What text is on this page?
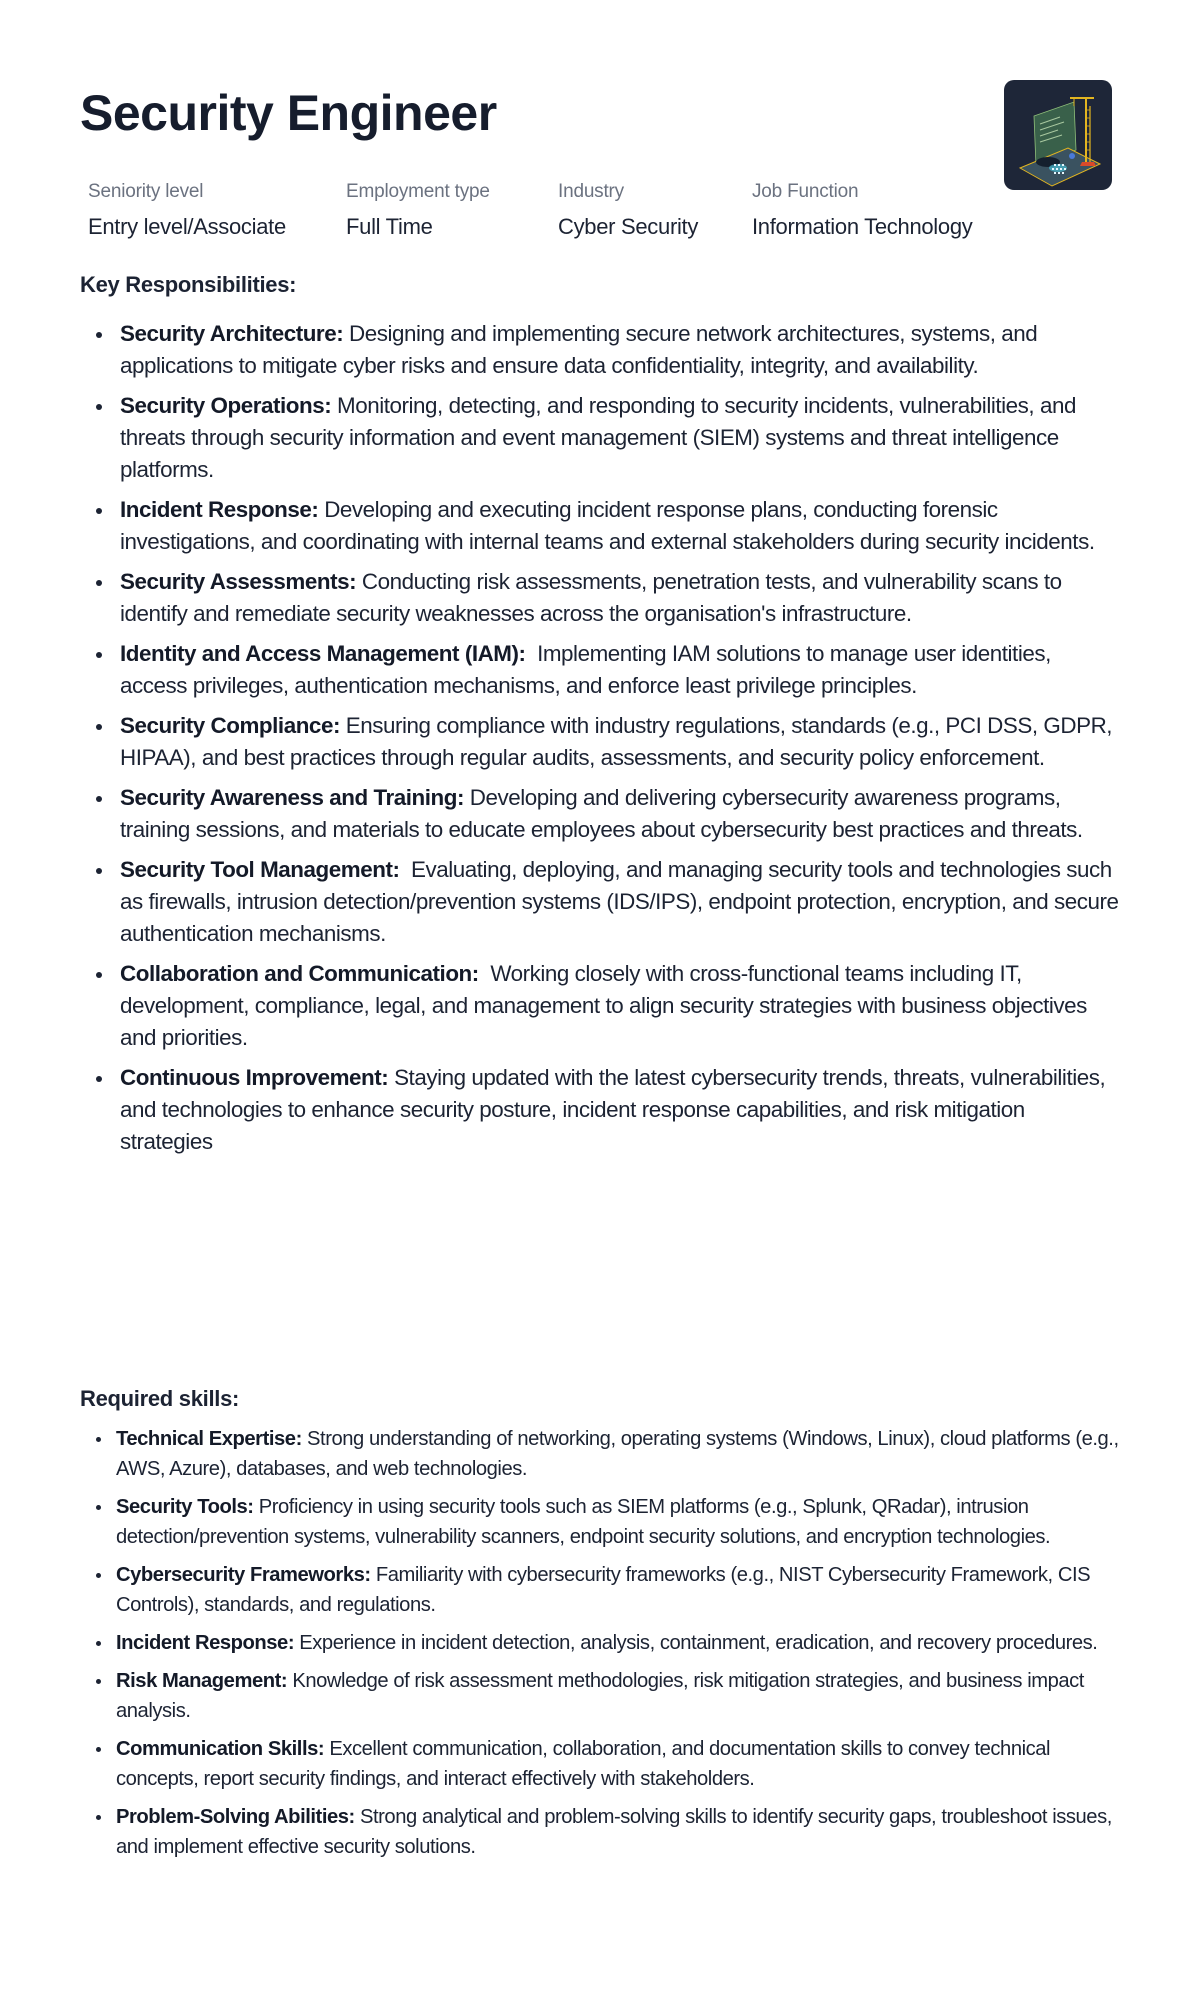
Security Engineer
Seniority level
Entry level/Associate
Employment type
Full Time
Industry
Cyber Security
Job Function
Information Technology
Key Responsibilities:
Security Architecture: Designing and implementing secure network architectures, systems, and applications to mitigate cyber risks and ensure data confidentiality, integrity, and availability.
Security Operations: Monitoring, detecting, and responding to security incidents, vulnerabilities, and threats through security information and event management (SIEM) systems and threat intelligence platforms.
Incident Response: Developing and executing incident response plans, conducting forensic investigations, and coordinating with internal teams and external stakeholders during security incidents.
Security Assessments: Conducting risk assessments, penetration tests, and vulnerability scans to identify and remediate security weaknesses across the organisation's infrastructure.
Identity and Access Management (IAM):  Implementing IAM solutions to manage user identities, access privileges, authentication mechanisms, and enforce least privilege principles.
Security Compliance: Ensuring compliance with industry regulations, standards (e.g., PCI DSS, GDPR, HIPAA), and best practices through regular audits, assessments, and security policy enforcement.
Security Awareness and Training: Developing and delivering cybersecurity awareness programs, training sessions, and materials to educate employees about cybersecurity best practices and threats.
Security Tool Management:  Evaluating, deploying, and managing security tools and technologies such as firewalls, intrusion detection/prevention systems (IDS/IPS), endpoint protection, encryption, and secure authentication mechanisms.
Collaboration and Communication:  Working closely with cross-functional teams including IT, development, compliance, legal, and management to align security strategies with business objectives and priorities.
Continuous Improvement: Staying updated with the latest cybersecurity trends, threats, vulnerabilities, and technologies to enhance security posture, incident response capabilities, and risk mitigation strategies
Required skills:
Technical Expertise: Strong understanding of networking, operating systems (Windows, Linux), cloud platforms (e.g., AWS, Azure), databases, and web technologies.
Security Tools: Proficiency in using security tools such as SIEM platforms (e.g., Splunk, QRadar), intrusion detection/prevention systems, vulnerability scanners, endpoint security solutions, and encryption technologies.
Cybersecurity Frameworks: Familiarity with cybersecurity frameworks (e.g., NIST Cybersecurity Framework, CIS Controls), standards, and regulations.
Incident Response: Experience in incident detection, analysis, containment, eradication, and recovery procedures.
Risk Management: Knowledge of risk assessment methodologies, risk mitigation strategies, and business impact analysis.
Communication Skills: Excellent communication, collaboration, and documentation skills to convey technical concepts, report security findings, and interact effectively with stakeholders.
Problem-Solving Abilities: Strong analytical and problem-solving skills to identify security gaps, troubleshoot issues, and implement effective security solutions.
